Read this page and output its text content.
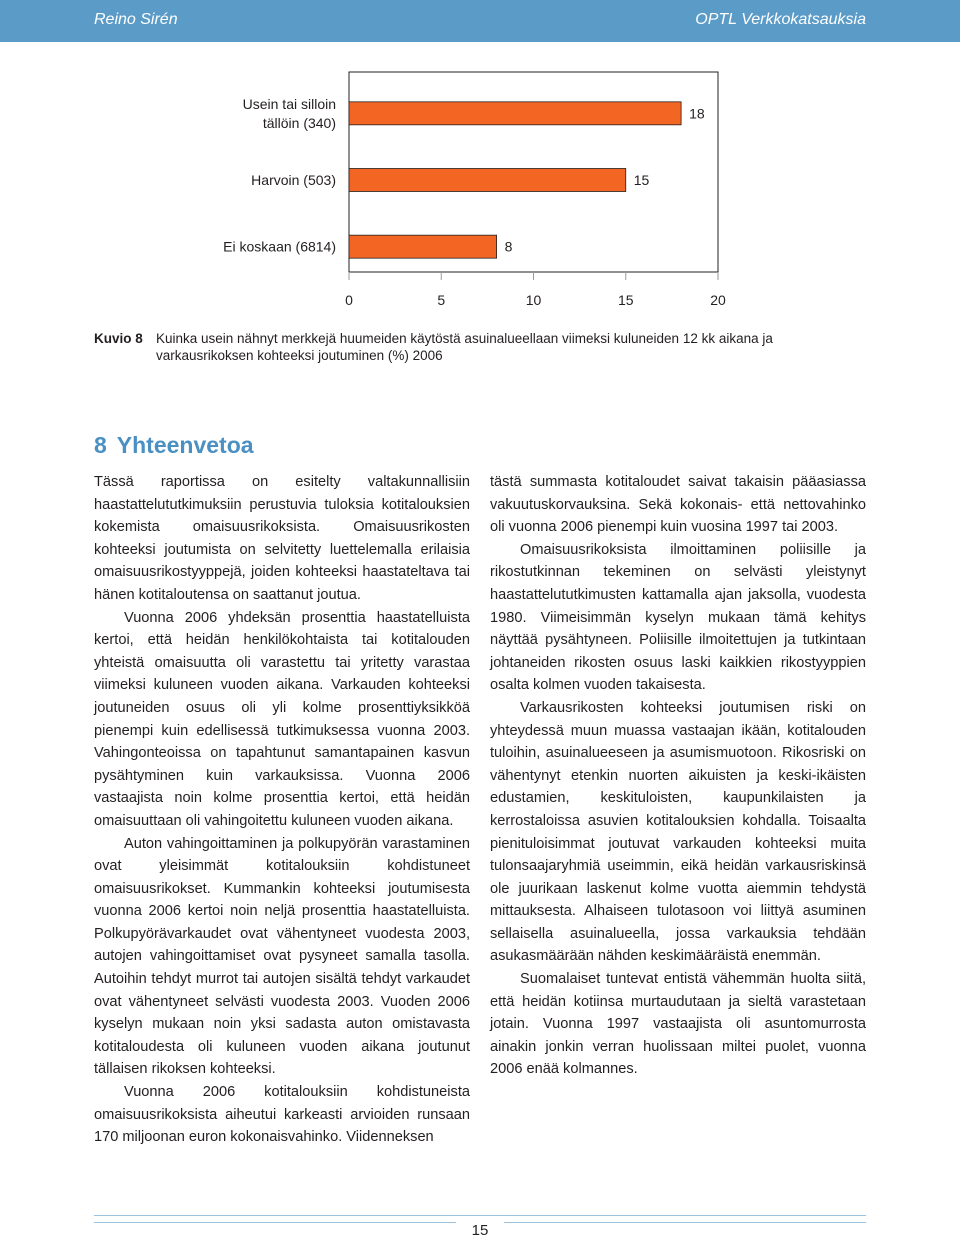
Reino Sirén	OPTL Verkkokatsauksia
0	5	10	15	20
18
Usein tai silloin
tällöin (340)
15
Harvoin (503)
8
Ei koskaan (6814)
Kuvio 8 Kuinka usein nähnyt merkkejä huumeiden käytöstä asuinalueellaan viimeksi kuluneiden 12 kk aikana ja varkausrikoksen kohteeksi joutuminen (%) 2006
8 Yhteenvetoa

Tässä raportissa on esitelty valtakunnallisiin haastattelututkimuksiin perustuvia tuloksia kotitalouksien kokemista omaisuusrikoksista. Omaisuusrikosten kohteeksi joutumista on selvitetty luettelemalla erilaisia omaisuusrikostyyppejä, joiden kohteeksi haastateltava tai hänen kotitaloutensa on saattanut joutua.

Vuonna 2006 yhdeksän prosenttia haastatelluista kertoi, että heidän henkilökohtaista tai kotitalouden yhteistä omaisuutta oli varastettu tai yritetty varastaa viimeksi kuluneen vuoden aikana. Varkauden kohteeksi joutuneiden osuus oli yli kolme prosenttiyksikköä pienempi kuin edellisessä tutkimuksessa vuonna 2003. Vahingonteoissa on tapahtunut samantapainen kasvun pysähtyminen kuin varkauksissa. Vuonna 2006 vastaajista noin kolme prosenttia kertoi, että heidän omaisuuttaan oli vahingoitettu kuluneen vuoden aikana.

Auton vahingoittaminen ja polkupyörän varastaminen ovat yleisimmät kotitalouksiin kohdistuneet omaisuusrikokset. Kummankin kohteeksi joutumisesta vuonna 2006 kertoi noin neljä prosenttia haastatelluista. Polkupyörävarkaudet ovat vähentyneet vuodesta 2003, autojen vahingoittamiset ovat pysyneet samalla tasolla. Autoihin tehdyt murrot tai autojen sisältä tehdyt varkaudet ovat vähentyneet selvästi vuodesta 2003. Vuoden 2006 kyselyn mukaan noin yksi sadasta auton omistavasta kotitaloudesta oli kuluneen vuoden aikana joutunut tällaisen rikoksen kohteeksi.

Vuonna 2006 kotitalouksiin kohdistuneista omaisuusrikoksista aiheutui karkeasti arvioiden runsaan 170 miljoonan euron kokonaisvahinko. Viidenneksen

tästä summasta kotitaloudet saivat takaisin pääasiassa vakuutuskorvauksina. Sekä kokonais- että nettovahinko oli vuonna 2006 pienempi kuin vuosina 1997 tai 2003.

Omaisuusrikoksista ilmoittaminen poliisille ja rikostutkinnan tekeminen on selvästi yleistynyt haastattelututkimusten kattamalla ajan jaksolla, vuodesta 1980. Viimeisimmän kyselyn mukaan tämä kehitys näyttää pysähtyneen. Poliisille ilmoitettujen ja tutkintaan johtaneiden rikosten osuus laski kaikkien rikostyyppien osalta kolmen vuoden takaisesta.

Varkausrikosten kohteeksi joutumisen riski on yhteydessä muun muassa vastaajan ikään, kotitalouden tuloihin, asuinalueeseen ja asumismuotoon. Rikosriski on vähentynyt etenkin nuorten aikuisten ja keski-ikäisten edustamien, keskituloisten, kaupunkilaisten ja kerrostaloissa asuvien kotitalouksien kohdalla. Toisaalta pienituloisimmat joutuvat varkauden kohteeksi muita tulonsaajaryhmiä useimmin, eikä heidän varkausriskinsä ole juurikaan laskenut kolme vuotta aiemmin tehdystä mittauksesta. Alhaiseen tulotasoon voi liittyä asuminen sellaisella asuinalueella, jossa varkauksia tehdään asukasmäärään nähden keskimääräistä enemmän.

Suomalaiset tuntevat entistä vähemmän huolta siitä, että heidän kotiinsa murtaudutaan ja sieltä varastetaan jotain. Vuonna 1997 vastaajista oli asuntomurrosta ainakin jonkin verran huolissaan miltei puolet, vuonna 2006 enää kolmannes.

15
